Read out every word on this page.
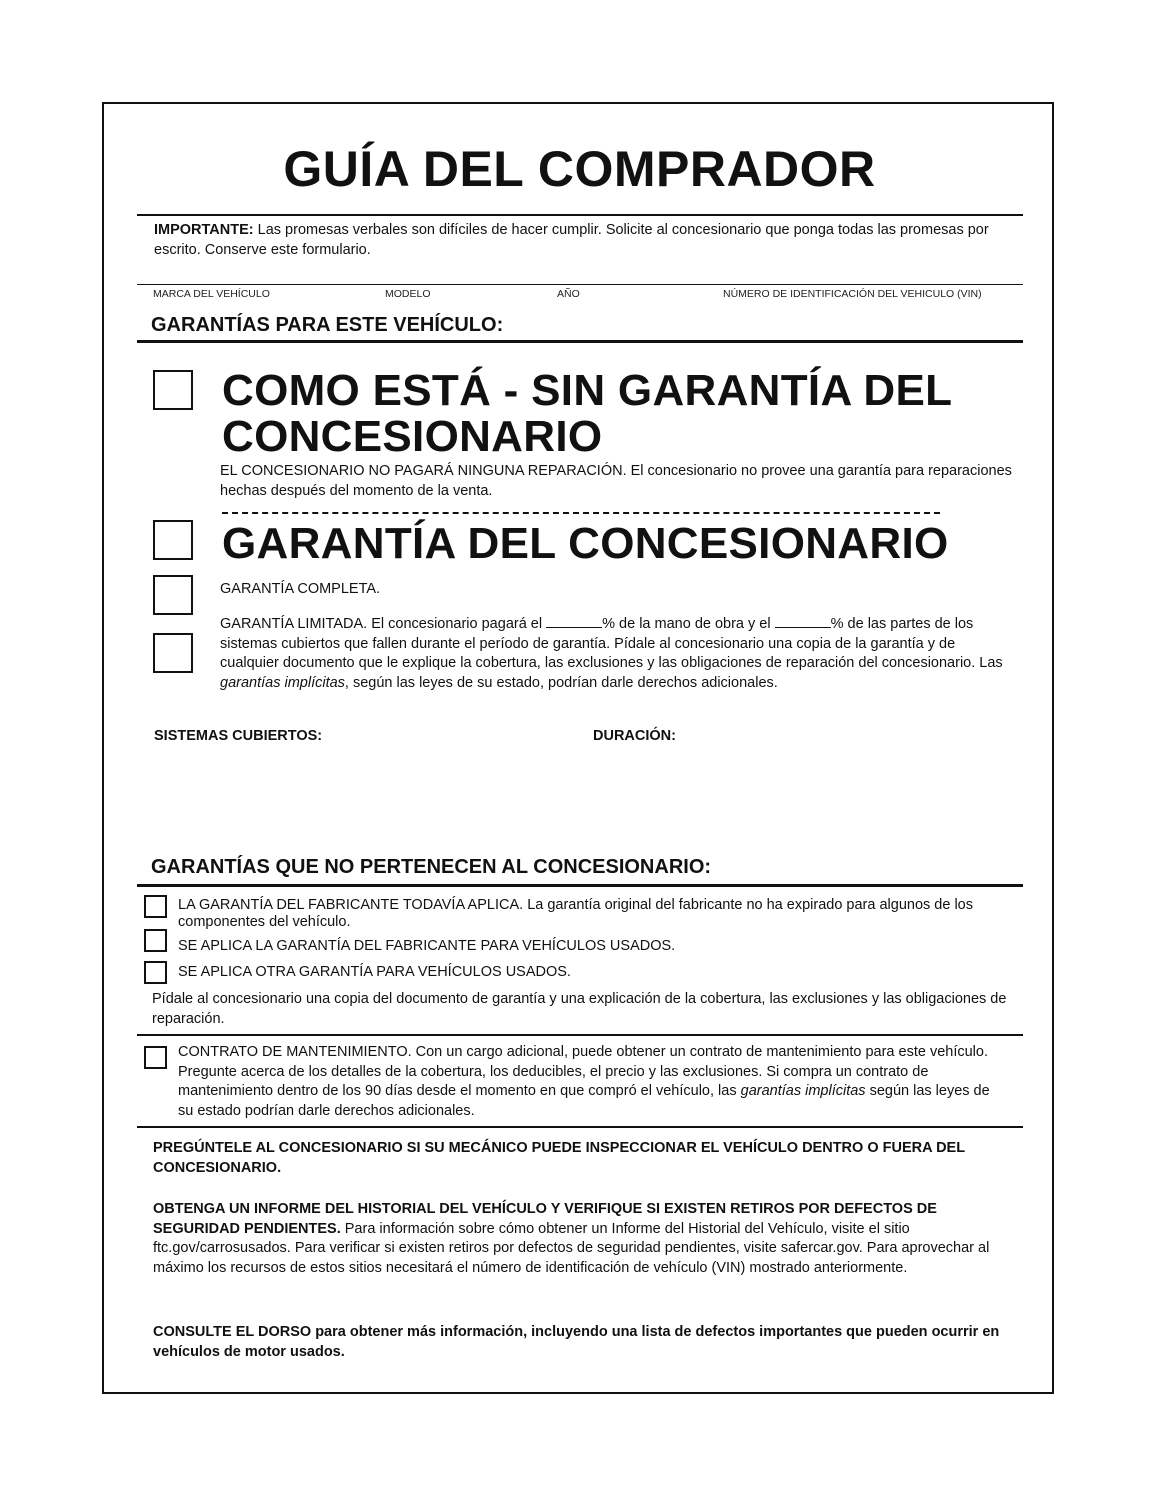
GUÍA DEL COMPRADOR
IMPORTANTE: Las promesas verbales son difíciles de hacer cumplir. Solicite al concesionario que ponga todas las promesas por escrito. Conserve este formulario.
MARCA DEL VEHÍCULO	MODELO	AÑO	NÚMERO DE IDENTIFICACIÓN DEL VEHICULO (VIN)
GARANTÍAS PARA ESTE VEHÍCULO:
COMO ESTÁ - SIN GARANTÍA DEL
CONCESIONARIO
EL CONCESIONARIO NO PAGARÁ NINGUNA REPARACIÓN. El concesionario no provee una garantía para reparaciones hechas después del momento de la venta.
GARANTÍA DEL CONCESIONARIO
GARANTÍA COMPLETA.
GARANTÍA LIMITADA. El concesionario pagará el	% de la mano de obra y el	% de las partes de los sistemas cubiertos que fallen durante el período de garantía. Pídale al concesionario una copia de la garantía y de cualquier documento que le explique la cobertura, las exclusiones y las obligaciones de reparación del concesionario. Las garantías implícitas, según las leyes de su estado, podrían darle derechos adicionales.
SISTEMAS CUBIERTOS:	DURACIÓN:
GARANTÍAS QUE NO PERTENECEN AL CONCESIONARIO:
LA GARANTÍA DEL FABRICANTE TODAVÍA APLICA. La garantía original del fabricante no ha expirado para algunos de los componentes del vehículo.
SE APLICA LA GARANTÍA DEL FABRICANTE PARA VEHÍCULOS USADOS.
SE APLICA OTRA GARANTÍA PARA VEHÍCULOS USADOS.
Pídale al concesionario una copia del documento de garantía y una explicación de la cobertura, las exclusiones y las obligaciones de reparación.
CONTRATO DE MANTENIMIENTO. Con un cargo adicional, puede obtener un contrato de mantenimiento para este vehículo. Pregunte acerca de los detalles de la cobertura, los deducibles, el precio y las exclusiones. Si compra un contrato de mantenimiento dentro de los 90 días desde el momento en que compró el vehículo, las garantías implícitas según las leyes de su estado podrían darle derechos adicionales.
PREGÚNTELE AL CONCESIONARIO SI SU MECÁNICO PUEDE INSPECCIONAR EL VEHÍCULO DENTRO O FUERA DEL CONCESIONARIO.
OBTENGA UN INFORME DEL HISTORIAL DEL VEHÍCULO Y VERIFIQUE SI EXISTEN RETIROS POR DEFECTOS DE SEGURIDAD PENDIENTES. Para información sobre cómo obtener un Informe del Historial del Vehículo, visite el sitio ftc.gov/carrosusados. Para verificar si existen retiros por defectos de seguridad pendientes, visite safercar.gov. Para aprovechar al máximo los recursos de estos sitios necesitará el número de identificación de vehículo (VIN) mostrado anteriormente.
CONSULTE EL DORSO para obtener más información, incluyendo una lista de defectos importantes que pueden ocurrir en vehículos de motor usados.
